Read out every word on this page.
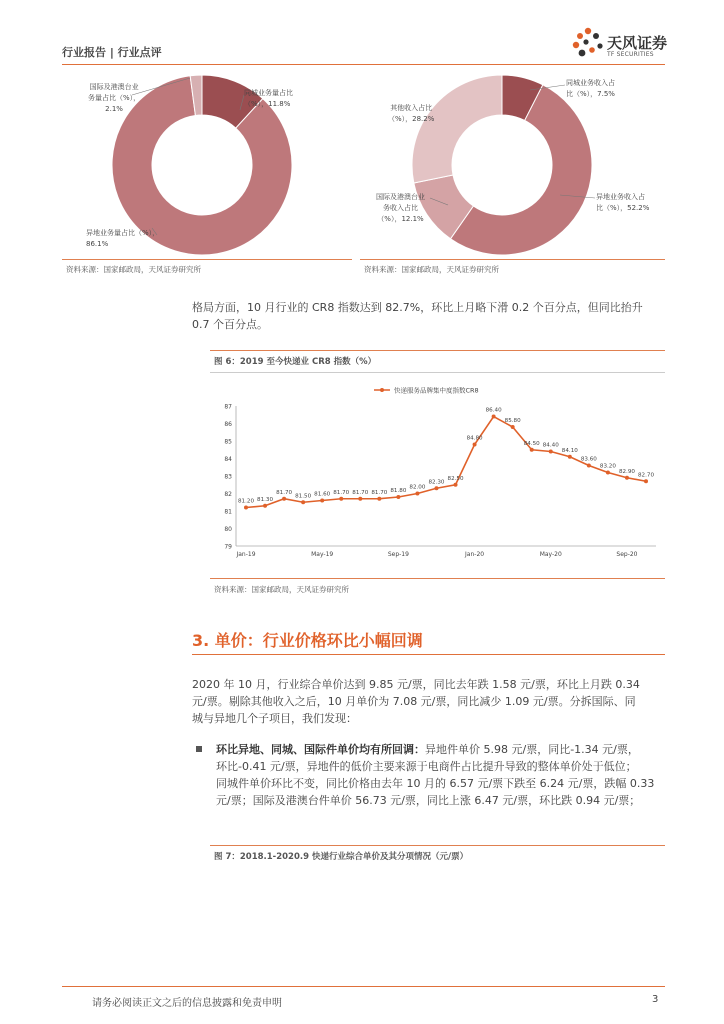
行业报告 | 行业点评
天风证券
TF SECURITIES
同城业务量占比
（%），11.8%
国际及港澳台业
务量占比（%），
2.1%
异地业务量占比（%），
86.1%
资料来源：国家邮政局，天风证券研究所
同城业务收入占
比（%），7.5%
其他收入占比
（%），28.2%
国际及港澳台业
务收入占比
（%），12.1%
异地业务收入占
比（%），52.2%
资料来源：国家邮政局，天风证券研究所
格局方面，10 月行业的 CR8 指数达到 82.7%，环比上月略下滑 0.2 个百分点，但同比抬升
0.7 个百分点。
图 6：2019 至今快递业 CR8 指数（%）
79
80
81
82
83
84
85
86
87
Jan-19	May-19	Sep-19	Jan-20	May-20	Sep-20
快递服务品牌集中度指数CR8
81.20 81.30
81.70
81.50 81.60 81.70 81.70 81.70 81.80
82.00
82.30
82.50
84.80
86.40
85.80
84.50 84.40
84.10
83.60
83.20
82.90
82.70
资料来源：国家邮政局，天风证券研究所
3. 单价：行业价格环比小幅回调
2020 年 10 月，行业综合单价达到 9.85 元/票，同比去年跌 1.58 元/票，环比上月跌 0.34
元/票。剔除其他收入之后，10 月单价为 7.08 元/票，同比减少 1.09 元/票。分拆国际、同
城与异地几个子项目，我们发现：
环比异地、同城、国际件单价均有所回调：异地件单价 5.98 元/票，同比-1.34 元/票，
环比-0.41 元/票，异地件的低价主要来源于电商件占比提升导致的整体单价处于低位；
同城件单价环比不变，同比价格由去年 10 月的 6.57 元/票下跌至 6.24 元/票，跌幅 0.33
元/票；国际及港澳台件单价 56.73 元/票，同比上涨 6.47 元/票，环比跌 0.94 元/票；
图 7：2018.1-2020.9 快递行业综合单价及其分项情况（元/票）
请务必阅读正文之后的信息披露和免责申明	3
